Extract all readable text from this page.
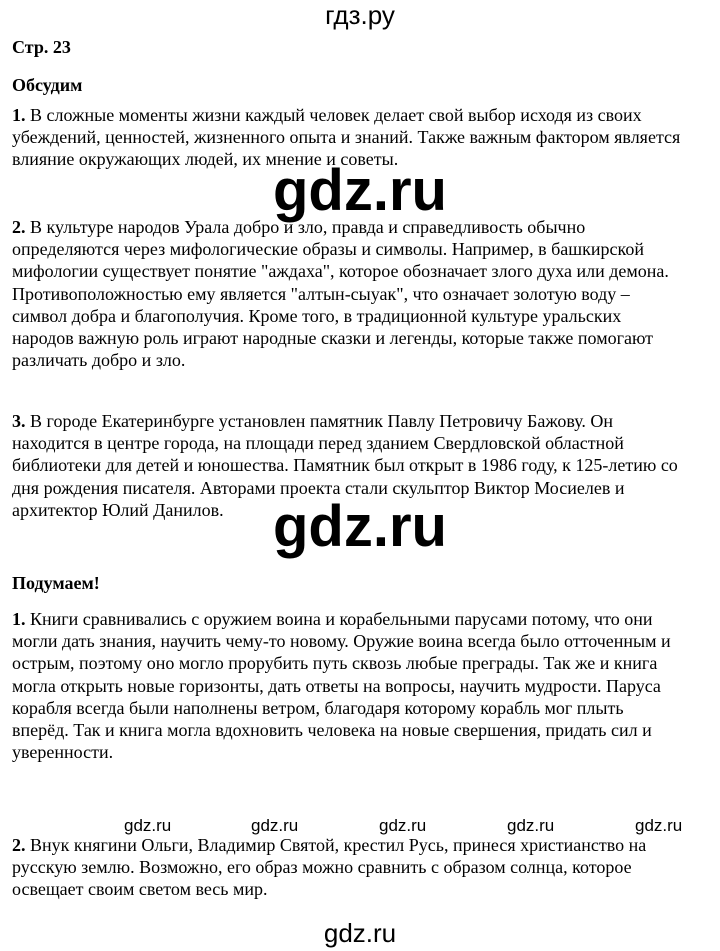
гдз.ру
Стр. 23
Обсудим
1. В сложные моменты жизни каждый человек делает свой выбор исходя из своих
убеждений, ценностей, жизненного опыта и знаний. Также важным фактором является
влияние окружающих людей, их мнение и советы.
gdz.ru
2. В культуре народов Урала добро и зло, правда и справедливость обычно
определяются через мифологические образы и символы. Например, в башкирской
мифологии существует понятие "аждаха", которое обозначает злого духа или демона.
Противоположностью ему является "алтын-сыуак", что означает золотую воду –
символ добра и благополучия. Кроме того, в традиционной культуре уральских
народов важную роль играют народные сказки и легенды, которые также помогают
различать добро и зло.
3. В городе Екатеринбурге установлен памятник Павлу Петровичу Бажову. Он
находится в центре города, на площади перед зданием Свердловской областной
библиотеки для детей и юношества. Памятник был открыт в 1986 году, к 125-летию со
дня рождения писателя. Авторами проекта стали скульптор Виктор Мосиелев и
архитектор Юлий Данилов. gdz.ru
Подумаем!
1. Книги сравнивались с оружием воина и корабельными парусами потому, что они
могли дать знания, научить чему-то новому. Оружие воина всегда было отточенным и
острым, поэтому оно могло прорубить путь сквозь любые преграды. Так же и книга
могла открыть новые горизонты, дать ответы на вопросы, научить мудрости. Паруса
корабля всегда были наполнены ветром, благодаря которому корабль мог плыть
вперёд. Так и книга могла вдохновить человека на новые свершения, придать сил и
уверенности.
gdz.ru	gdz.ru	gdz.ru	gdz.ru	gdz.ru
2. Внук княгини Ольги, Владимир Святой, крестил Русь, принеся христианство на
русскую землю. Возможно, его образ можно сравнить с образом солнца, которое
освещает своим светом весь мир.
gdz.ru
